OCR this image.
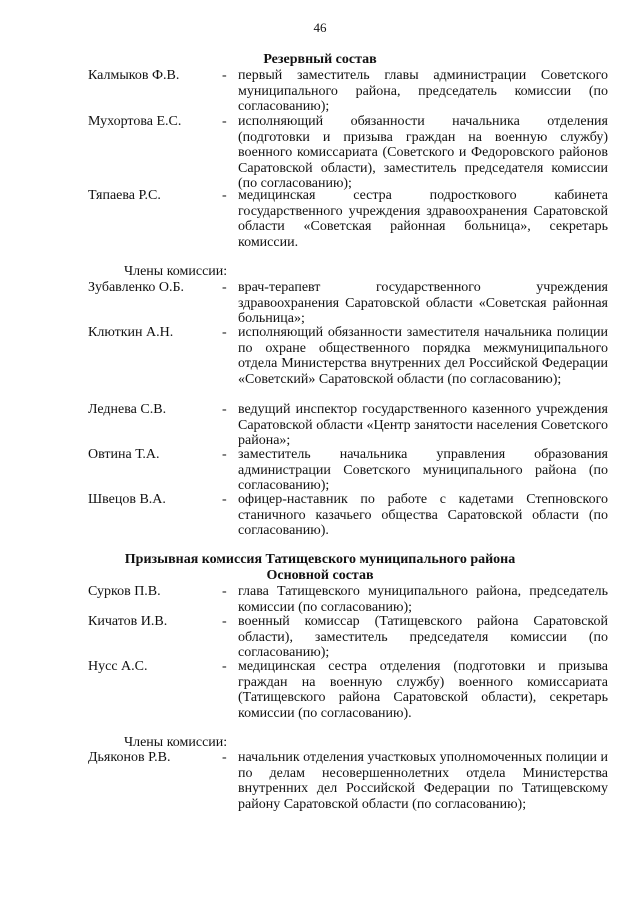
46
Резервный состав
Калмыков Ф.В.	- первый заместитель главы администрации Советского муниципального района, председатель комиссии (по согласованию);
Мухортова Е.С.	- исполняющий обязанности начальника отделения (подготовки и призыва граждан на военную службу) военного комиссариата (Советского и Федоровского районов Саратовской области), заместитель председателя комиссии (по согласованию);
Тяпаева Р.С.	- медицинская сестра подросткового кабинета государственного учреждения здравоохранения Саратовской области «Советская районная больница», секретарь комиссии.
Члены комиссии:
Зубавленко О.Б.	- врач-терапевт государственного учреждения здравоохранения Саратовской области «Советская районная больница»;
Клюткин А.Н.	- исполняющий обязанности заместителя начальника полиции по охране общественного порядка межмуниципального отдела Министерства внутренних дел Российской Федерации «Советский» Саратовской области (по согласованию);
Леднева С.В.	- ведущий инспектор государственного казенного учреждения Саратовской области «Центр занятости населения Советского района»;
Овтина Т.А.	- заместитель начальника управления образования администрации Советского муниципального района (по согласованию);
Швецов В.А.	- офицер-наставник по работе с кадетами Степновского станичного казачьего общества Саратовской области (по согласованию).
Призывная комиссия Татищевского муниципального района
Основной состав
Сурков П.В.	- глава Татищевского муниципального района, председатель комиссии (по согласованию);
Кичатов И.В.	- военный комиссар (Татищевского района Саратовской области), заместитель председателя комиссии (по согласованию);
Нусс А.С.	- медицинская сестра отделения (подготовки и призыва граждан на военную службу) военного комиссариата (Татищевского района Саратовской области), секретарь комиссии (по согласованию).
Члены комиссии:
Дьяконов Р.В.	- начальник отделения участковых уполномоченных полиции и по делам несовершеннолетних отдела Министерства внутренних дел Российской Федерации по Татищевскому району Саратовской области (по согласованию);
